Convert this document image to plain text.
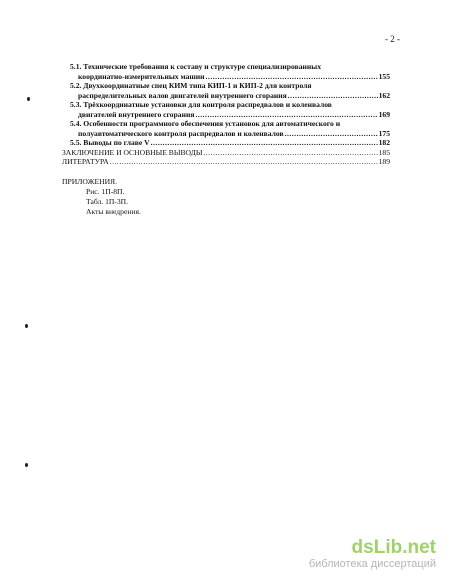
- 2 -
5.1. Технические требования к составу и структуре специализированных
координатно-измерительных машин .....	155
5.2. Двухкоординатные спец КИМ типа КИП-1 и КИП-2 для контроля
распределительных валов двигателей внутреннего сгорания .....	162
5.3. Трёхкоординатные установки для контроля распредвалов и коленвалов
двигателей внутреннего сгорания .....	169
5.4. Особенности программного обеспечения установок для автоматического и
полуавтоматического контроля распредвалов и коленвалов .....	175
5.5. Выводы по главе V .....	182
ЗАКЛЮЧЕНИЕ И ОСНОВНЫЕ ВЫВОДЫ .....	185
ЛИТЕРАТУРА .....	189
ПРИЛОЖЕНИЯ.
Рис. 1П-8П.
Табл. 1П-3П.
Акты внедрения.
dsLib.net
библиотека диссертаций
